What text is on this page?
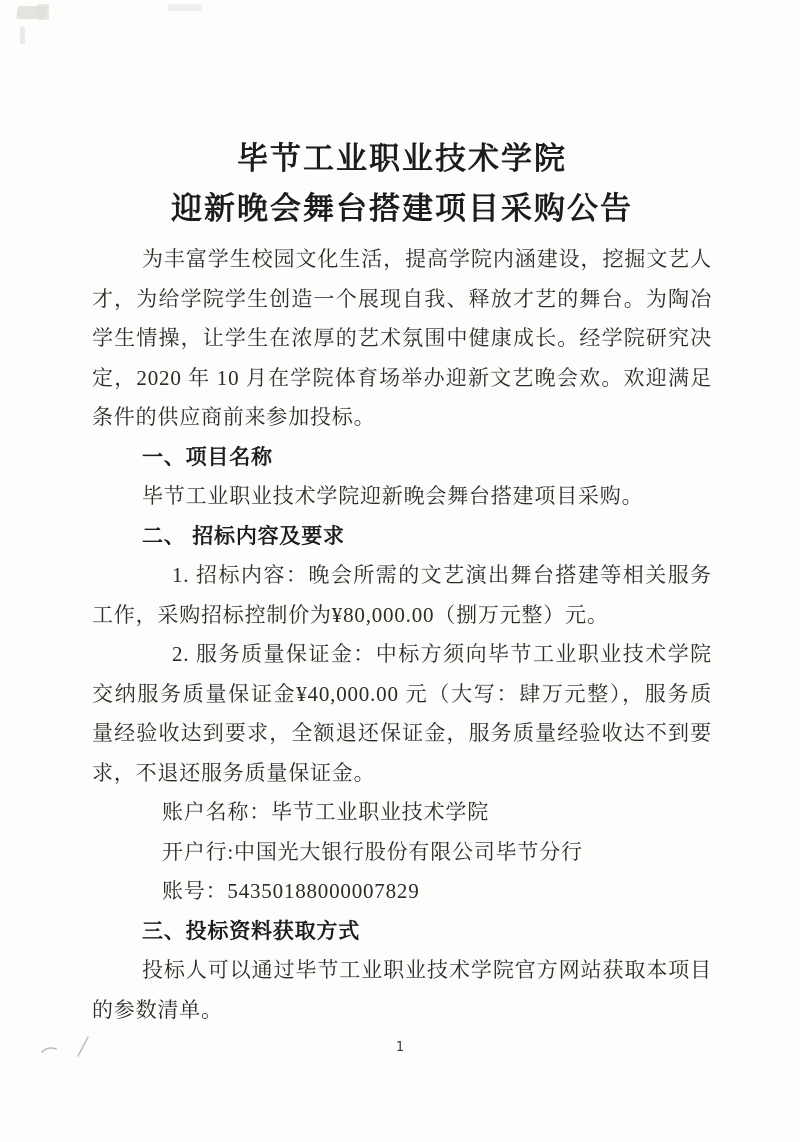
毕节工业职业技术学院
迎新晚会舞台搭建项目采购公告

为丰富学生校园文化生活，提高学院内涵建设，挖掘文艺人才，为给学院学生创造一个展现自我、释放才艺的舞台。为陶冶学生情操，让学生在浓厚的艺术氛围中健康成长。经学院研究决定，2020 年 10 月在学院体育场举办迎新文艺晚会欢。欢迎满足条件的供应商前来参加投标。

一、项目名称

毕节工业职业技术学院迎新晚会舞台搭建项目采购。

二、 招标内容及要求

1. 招标内容：晚会所需的文艺演出舞台搭建等相关服务工作，采购招标控制价为¥80,000.00（捌万元整）元。

2. 服务质量保证金：中标方须向毕节工业职业技术学院交纳服务质量保证金¥40,000.00 元（大写：肆万元整），服务质量经验收达到要求，全额退还保证金，服务质量经验收达不到要求，不退还服务质量保证金。

账户名称：毕节工业职业技术学院

开户行:中国光大银行股份有限公司毕节分行

账号：54350188000007829

三、投标资料获取方式

投标人可以通过毕节工业职业技术学院官方网站获取本项目的参数清单。

1
